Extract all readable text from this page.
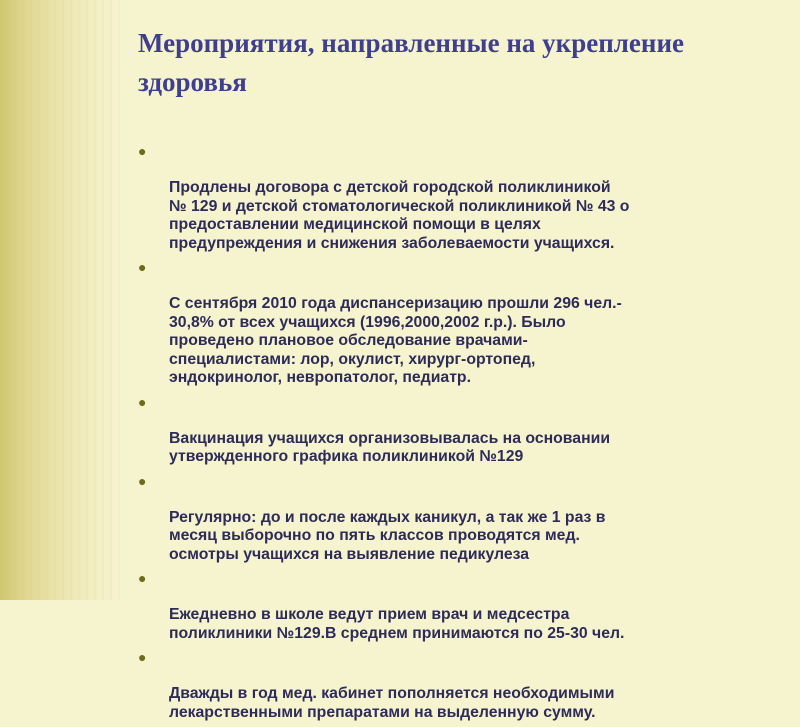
Мероприятия, направленные на укрепление
здоровья

●

Продлены договора с детской городской поликлиникой
№ 129 и детской стоматологической поликлиникой № 43 о
предоставлении медицинской помощи в целях
предупреждения и снижения заболеваемости учащихся.

●

С сентября 2010 года диспансеризацию прошли 296 чел.-
30,8% от всех учащихся (1996,2000,2002 г.р.). Было
проведено плановое обследование врачами-
специалистами: лор, окулист, хирург-ортопед,
эндокринолог, невропатолог, педиатр.

●

Вакцинация учащихся организовывалась на основании
утвержденного графика поликлиникой №129

●

Регулярно: до и после каждых каникул, а так же 1 раз в
месяц выборочно по пять классов проводятся мед.
осмотры учащихся на выявление педикулеза

●

Ежедневно в школе ведут прием врач и медсестра
поликлиники №129.В среднем принимаются по 25-30 чел.

●

Дважды в год мед. кабинет пополняется необходимыми
лекарственными препаратами на выделенную сумму.
